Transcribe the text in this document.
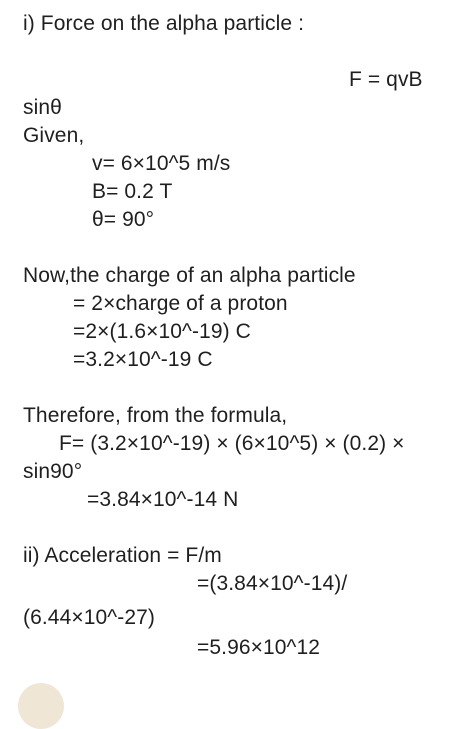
i) Force on the alpha particle :
F = qvB
sinθ
Given,
v= 6×10^5 m/s
B= 0.2 T
θ= 90°
Now,the charge of an alpha particle
= 2×charge of a proton
=2×(1.6×10^-19) C
=3.2×10^-19 C
Therefore, from the formula,
F= (3.2×10^-19) × (6×10^5) × (0.2) ×
sin90°
=3.84×10^-14 N
ii) Acceleration = F/m
=(3.84×10^-14)/
(6.44×10^-27)
=5.96×10^12
